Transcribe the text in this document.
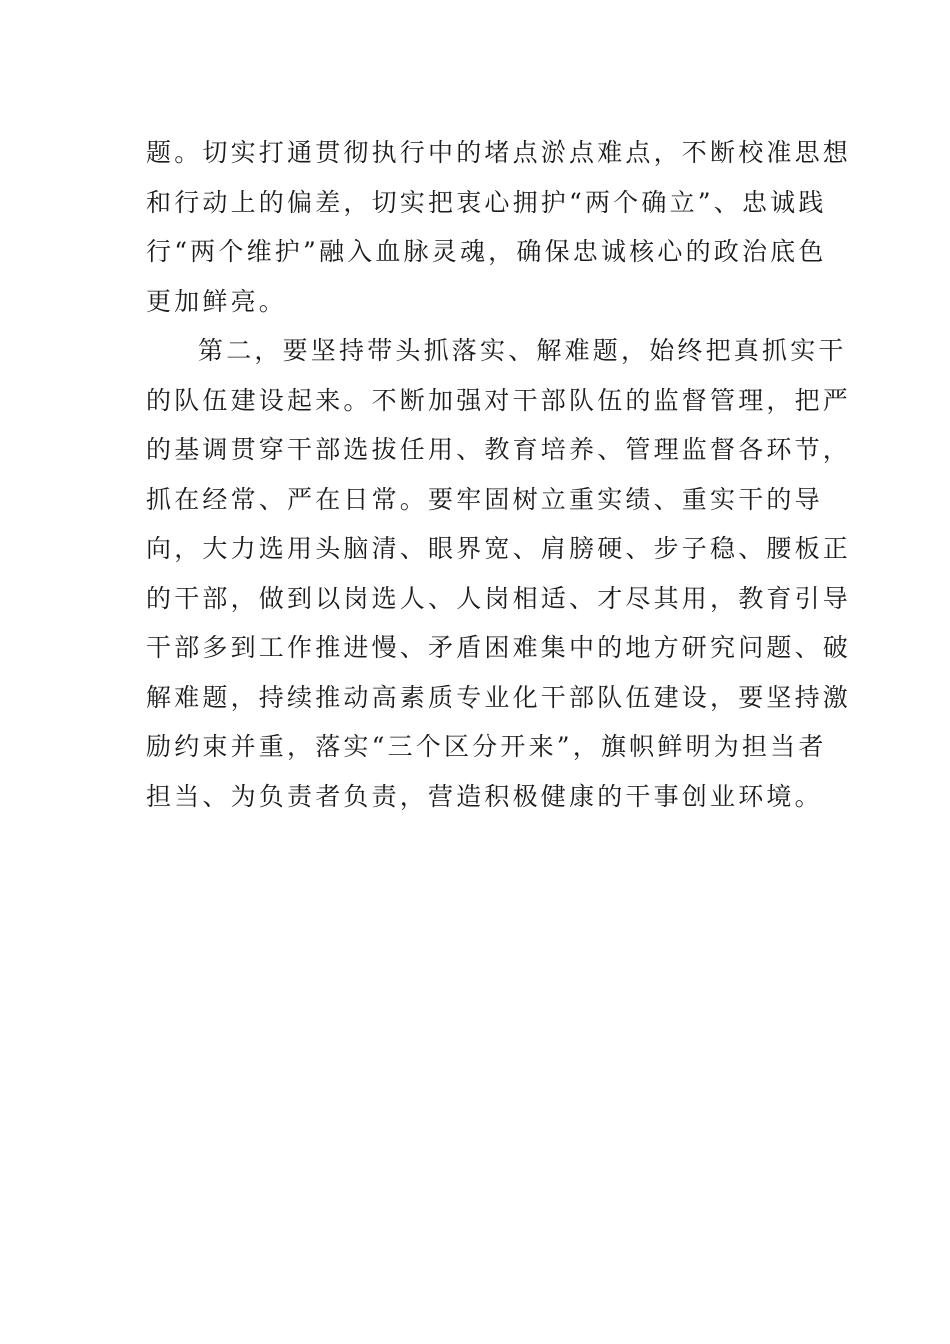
题。切实打通贯彻执行中的堵点淤点难点，不断校准思想
和行动上的偏差，切实把衷心拥护“两个确立”、忠诚践
行“两个维护”融入血脉灵魂，确保忠诚核心的政治底色
更加鲜亮。
第二，要坚持带头抓落实、解难题，始终把真抓实干
的队伍建设起来。不断加强对干部队伍的监督管理，把严
的基调贯穿干部选拔任用、教育培养、管理监督各环节，
抓在经常、严在日常。要牢固树立重实绩、重实干的导
向，大力选用头脑清、眼界宽、肩膀硬、步子稳、腰板正
的干部，做到以岗选人、人岗相适、才尽其用，教育引导
干部多到工作推进慢、矛盾困难集中的地方研究问题、破
解难题，持续推动高素质专业化干部队伍建设，要坚持激
励约束并重，落实“三个区分开来”，旗帜鲜明为担当者
担当、为负责者负责，营造积极健康的干事创业环境。
